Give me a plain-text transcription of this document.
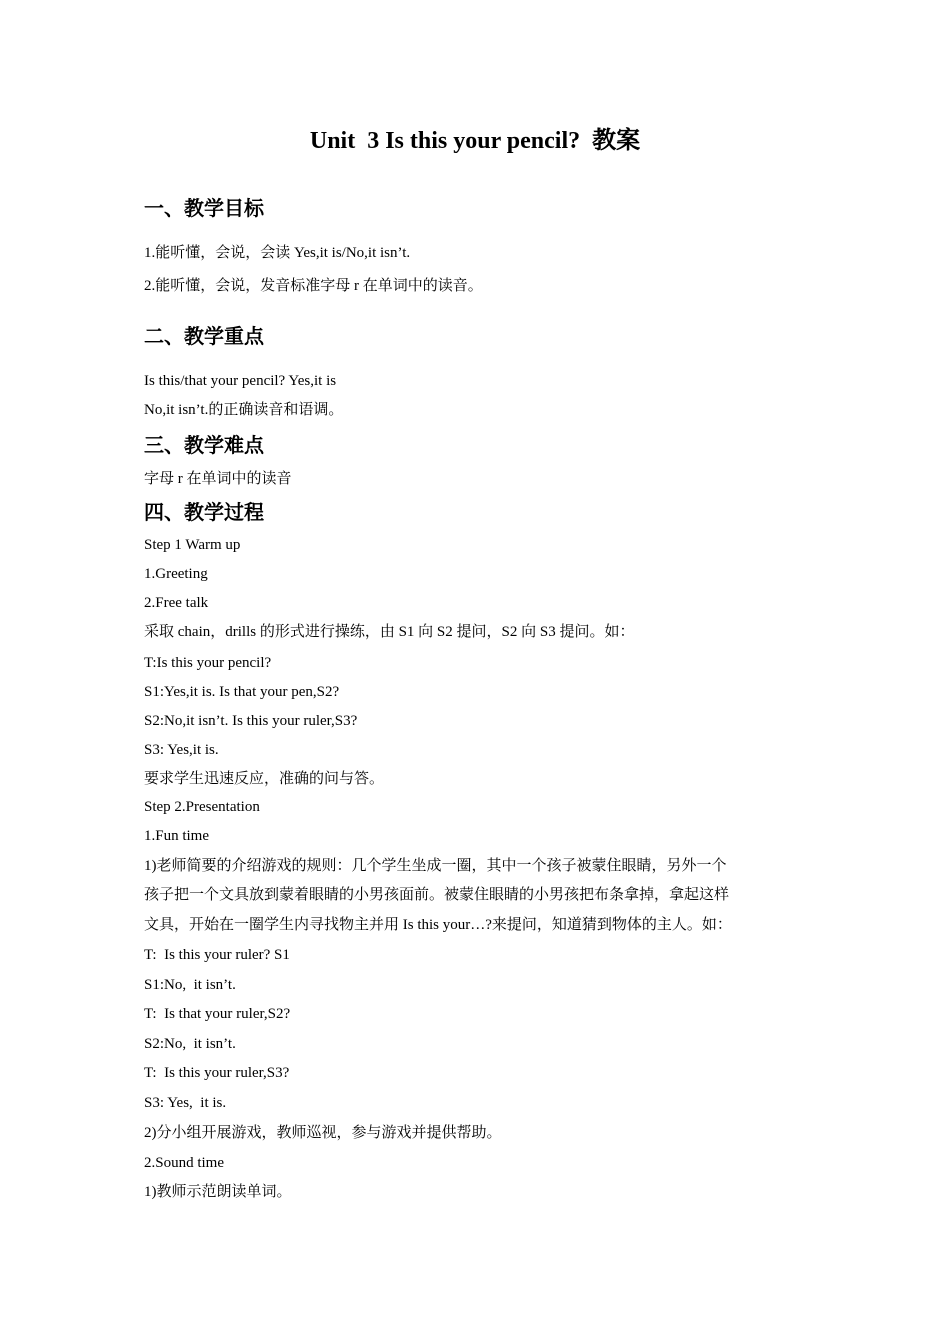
Unit  3 Is this your pencil?  教案
一、教学目标
1.能听懂，会说，会读 Yes,it is/No,it isn’t.
2.能听懂，会说，发音标准字母 r 在单词中的读音。
二、教学重点
Is this/that your pencil? Yes,it is
No,it isn’t.的正确读音和语调。
三、教学难点
字母 r 在单词中的读音
四、教学过程
Step 1 Warm up
1.Greeting
2.Free talk
采取 chain，drills 的形式进行操练，由 S1 向 S2 提问，S2 向 S3 提问。如：
T:Is this your pencil?
S1:Yes,it is. Is that your pen,S2?
S2:No,it isn’t. Is this your ruler,S3?
S3: Yes,it is.
要求学生迅速反应，准确的问与答。
Step 2.Presentation
1.Fun time
1)老师简要的介绍游戏的规则：几个学生坐成一圈，其中一个孩子被蒙住眼睛，另外一个
孩子把一个文具放到蒙着眼睛的小男孩面前。被蒙住眼睛的小男孩把布条拿掉，拿起这样
文具，开始在一圈学生内寻找物主并用 Is this your…?来提问，知道猜到物体的主人。如：
T:  Is this your ruler? S1
S1:No,  it isn’t.
T:  Is that your ruler,S2?
S2:No,  it isn’t.
T:  Is this your ruler,S3?
S3: Yes,  it is.
2)分小组开展游戏，教师巡视，参与游戏并提供帮助。
2.Sound time
1)教师示范朗读单词。
